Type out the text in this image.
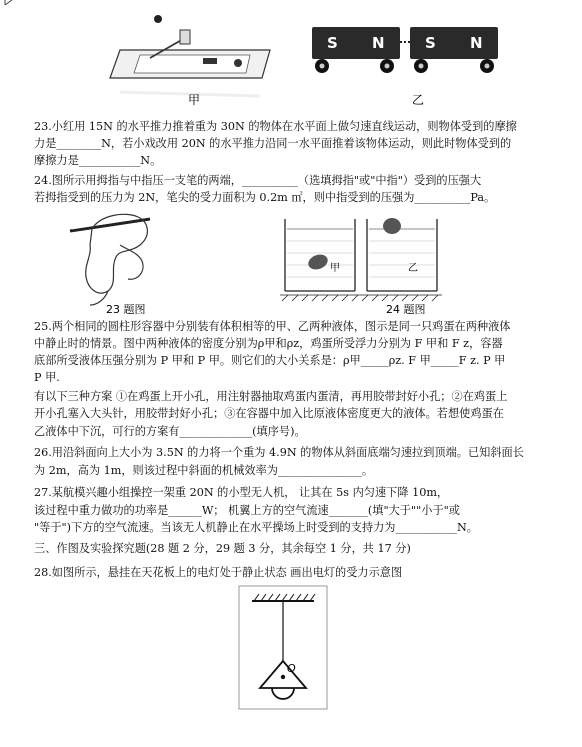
S N	S N
甲	乙
23.小红用 15N 的水平推力推着重为 30N 的物体在水平面上做匀速直线运动，则物体受到的摩擦
力是________N，若小戏改用 20N 的水平推力沿同一水平面推着该物体运动，则此时物体受到的
摩擦力是___________N。
24.图所示用拇指与中指压一支笔的两端，__________（选填拇指"或"中指"）受到的压强大
若拇指受到的压力为 2N，笔尖的受力面积为 0.2m ㎡，则中指受到的压强为__________Pa。
甲	乙
23 题图	24 题图
25.两个相同的圆柱形容器中分别装有体积相等的甲、乙两种液体，图示是同一只鸡蛋在两种液体
中静止时的情景。图中两种液体的密度分别为ρ甲和ρz，鸡蛋所受浮力分别为 F 甲和 F z，容器
底部所受液体压强分别为 P 甲和 P 甲。则它们的大小关系是：ρ甲_____ρz. F 甲_____F z. P 甲
P 甲.
有以下三种方案 ①在鸡蛋上开小孔，用注射器抽取鸡蛋内蛋清，再用胶带封好小孔；②在鸡蛋上
开小孔塞入大头针，用胶带封好小孔；③在容器中加入比原液体密度更大的液体。若想使鸡蛋在
乙液体中下沉，可行的方案有_____________(填序号)。
26.用沿斜面向上大小为 3.5N 的力将一个重为 4.9N 的物体从斜面底端匀速拉到顶端。已知斜面长
为 2m，高为 1m，则该过程中斜面的机械效率为_______________。
27.某航模兴趣小组操控一架重 20N 的小型无人机， 让其在 5s 内匀速下降 10m，
该过程中重力做功的功率是______W； 机翼上方的空气流速_______(填"大于""小于"或
"等于")下方的空气流速。当该无人机静止在水平操场上时受到的支持力为___________N。
三、作图及实验探究题(28 题 2 分，29 题 3 分，其余每空 1 分，共 17 分)
28.如图所示，悬挂在天花板上的电灯处于静止状态 画出电灯的受力示意图
O
